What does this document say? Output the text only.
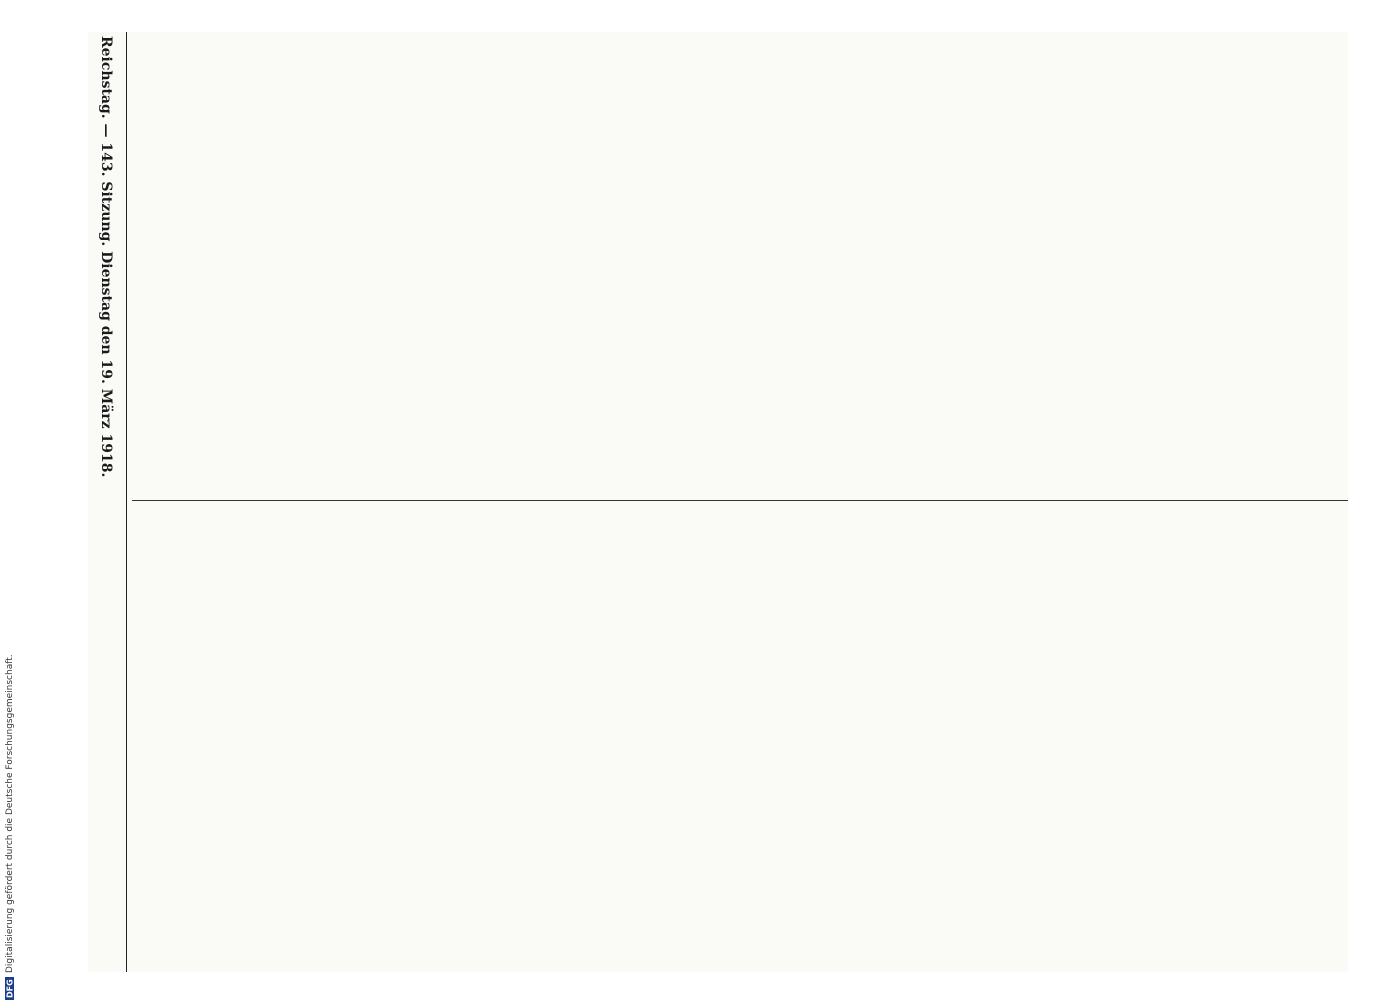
DFG
Digitalisierung gefördert durch die Deutsche Forschungsgemeinschaft.
Reichstag. — 143. Sitzung. Dienstag den 19. März 1918.
